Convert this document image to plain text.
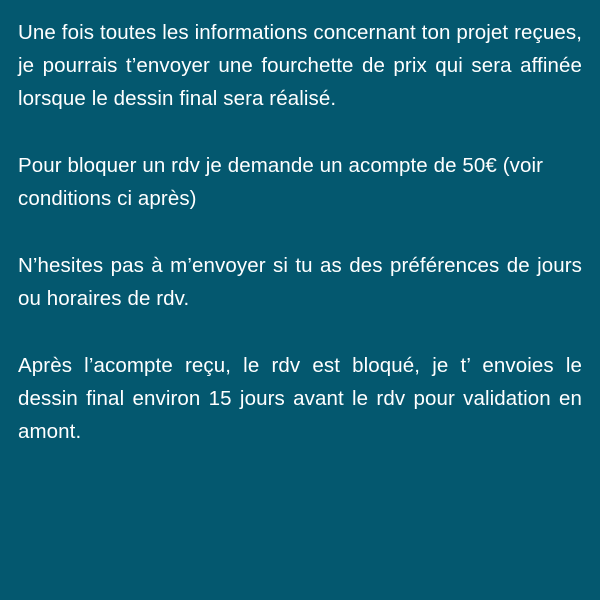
Une fois toutes les informations concernant ton projet reçues, je pourrais t’envoyer une fourchette de prix qui sera affinée lorsque le dessin final sera réalisé.

Pour bloquer un rdv je demande un acompte de 50€ (voir conditions ci après)

N’hesites pas à m’envoyer si tu as des préférences de jours ou horaires de rdv.

Après l’acompte reçu, le rdv est bloqué, je t’ envoies le dessin final environ 15 jours avant le rdv pour validation en amont.
